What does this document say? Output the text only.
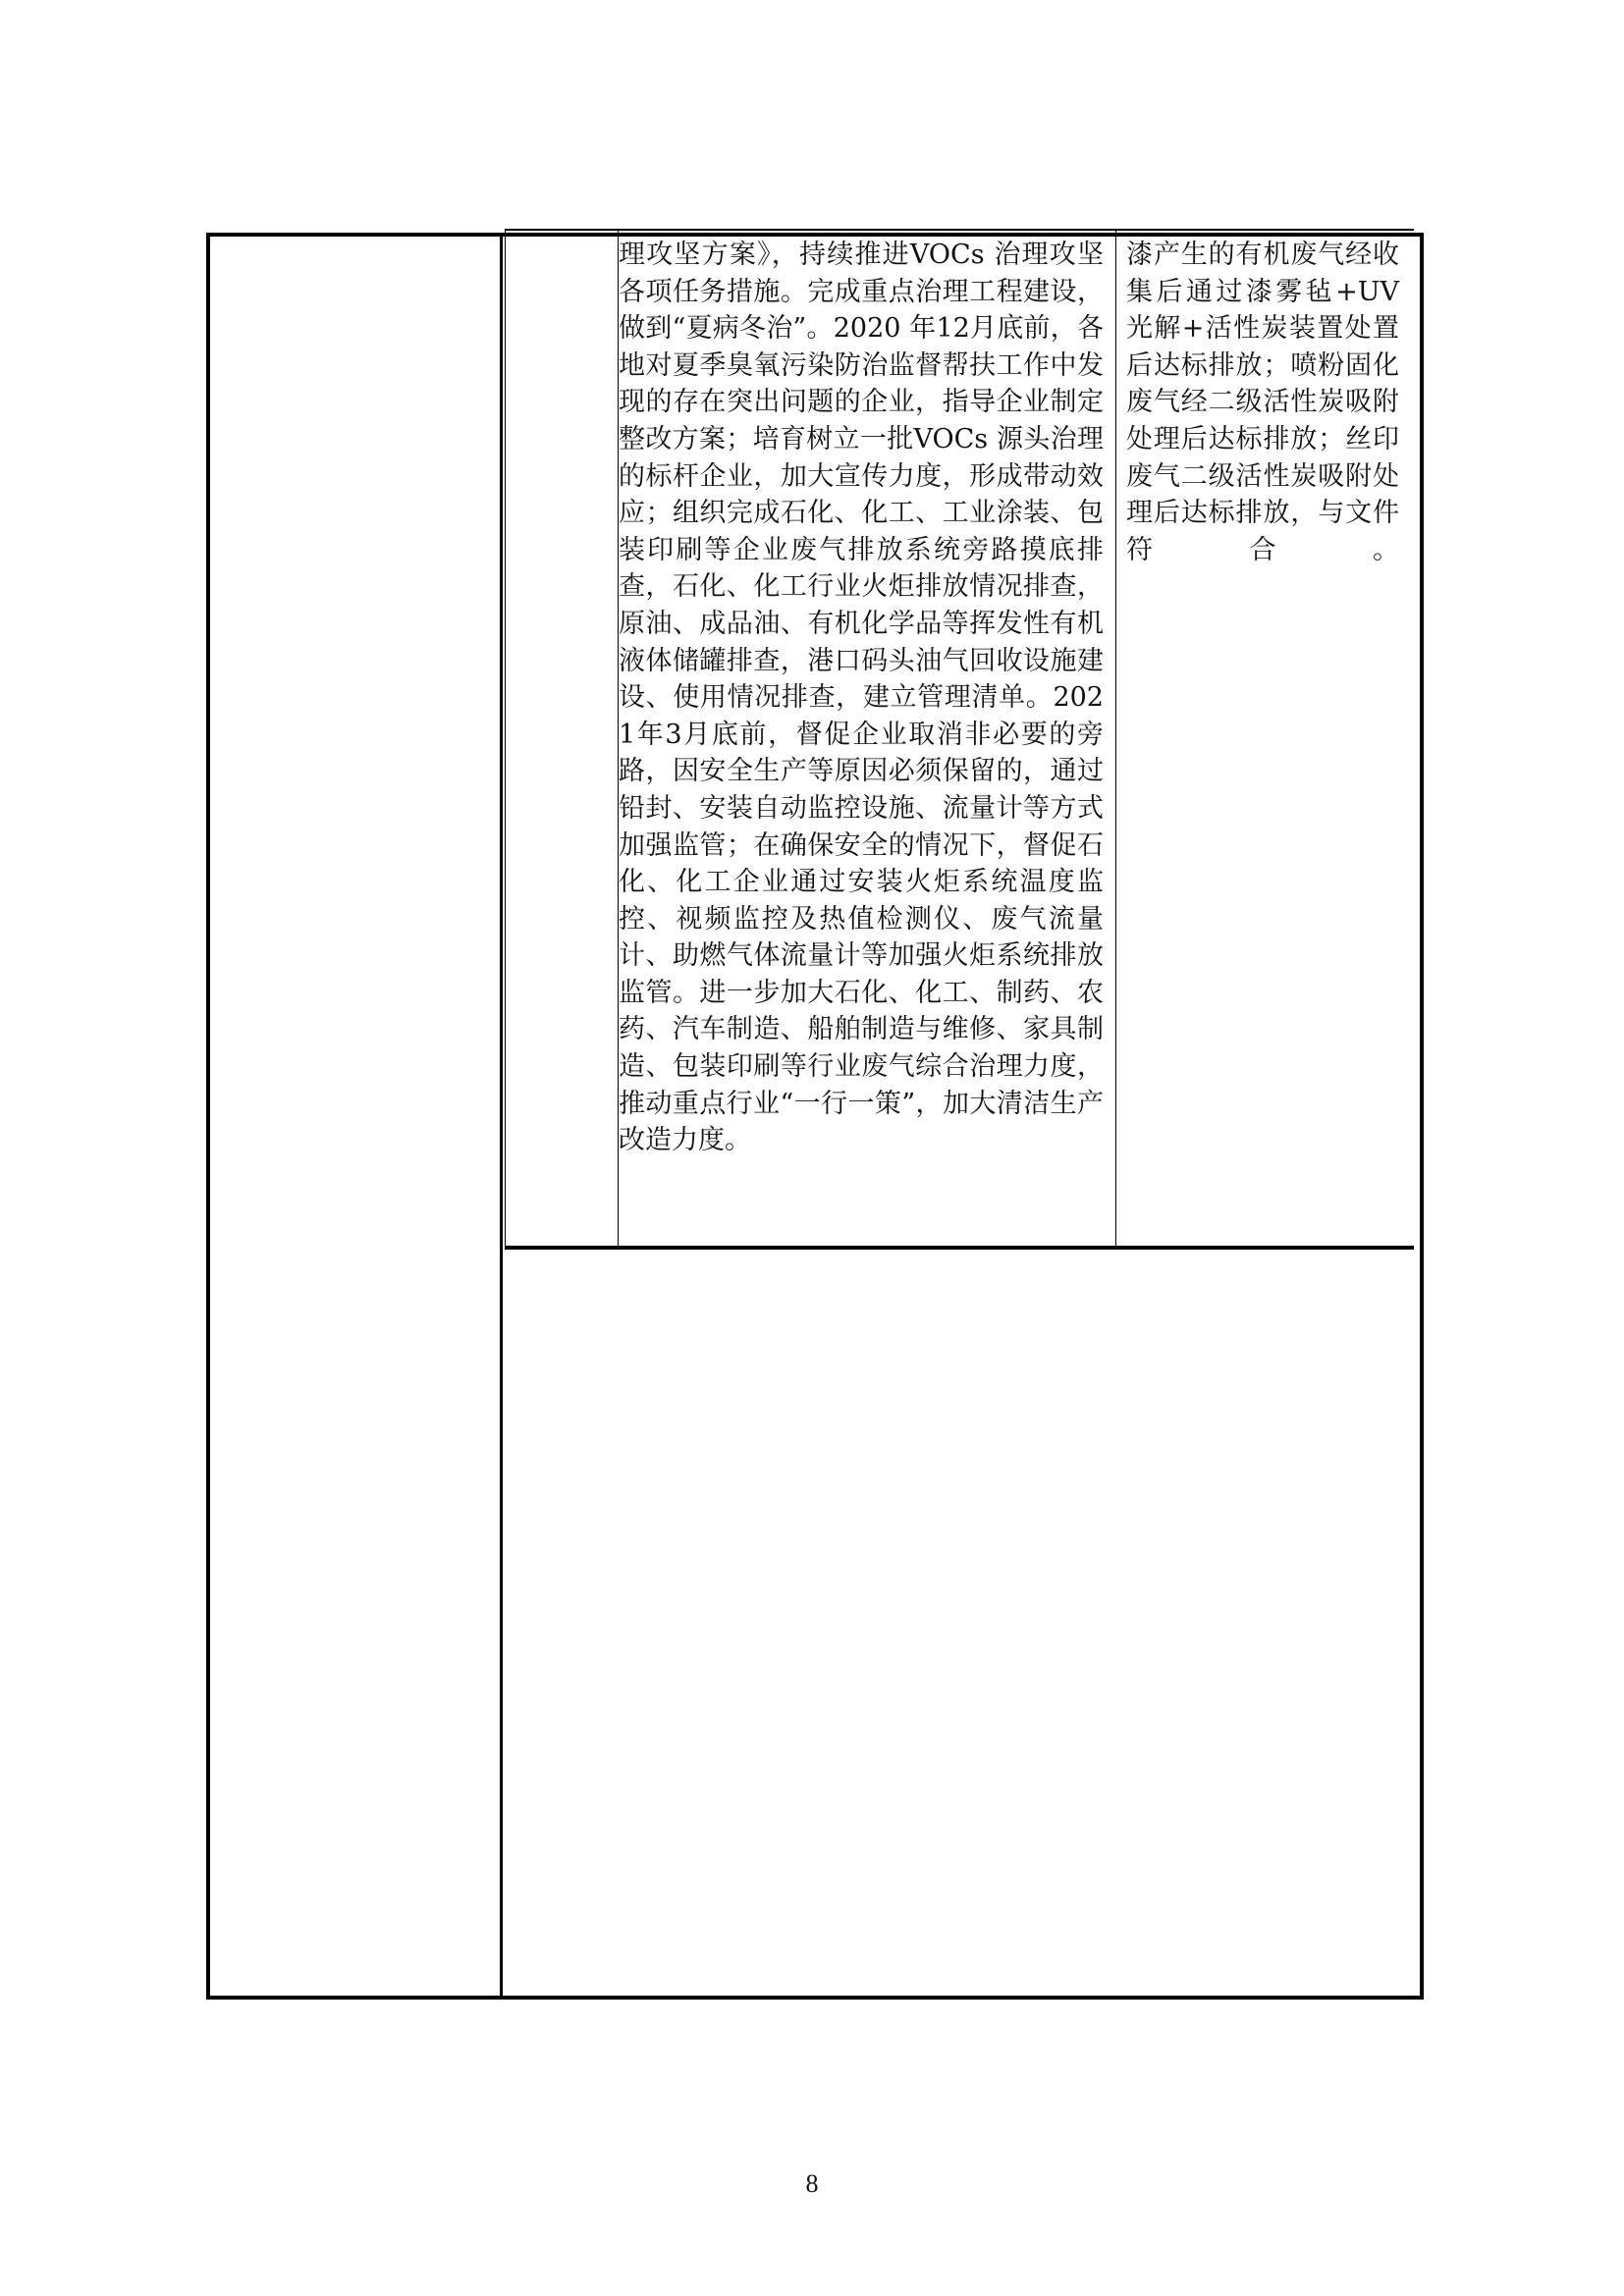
理攻坚方案》，持续推进VOCs 治理攻坚各项任务措施。完成重点治理工程建设，做到“夏病冬治”。2020 年12月底前，各地对夏季臭氧污染防治监督帮扶工作中发现的存在突出问题的企业，指导企业制定整改方案；培育树立一批VOCs 源头治理的标杆企业，加大宣传力度，形成带动效应；组织完成石化、化工、工业涂装、包装印刷等企业废气排放系统旁路摸底排查，石化、化工行业火炬排放情况排查，原油、成品油、有机化学品等挥发性有机液体储罐排查，港口码头油气回收设施建设、使用情况排查，建立管理清单。2021年3月底前，督促企业取消非必要的旁路，因安全生产等原因必须保留的，通过铅封、安装自动监控设施、流量计等方式加强监管；在确保安全的情况下，督促石化、化工企业通过安装火炬系统温度监控、视频监控及热值检测仪、废气流量计、助燃气体流量计等加强火炬系统排放监管。进一步加大石化、化工、制药、农药、汽车制造、船舶制造与维修、家具制造、包装印刷等行业废气综合治理力度，推动重点行业“一行一策”，加大清洁生产改造力度。
漆产生的有机废气经收集后通过漆雾毡+UV光解+活性炭装置处置后达标排放；喷粉固化废气经二级活性炭吸附处理后达标排放；丝印废气二级活性炭吸附处理后达标排放，与文件符合。
8
